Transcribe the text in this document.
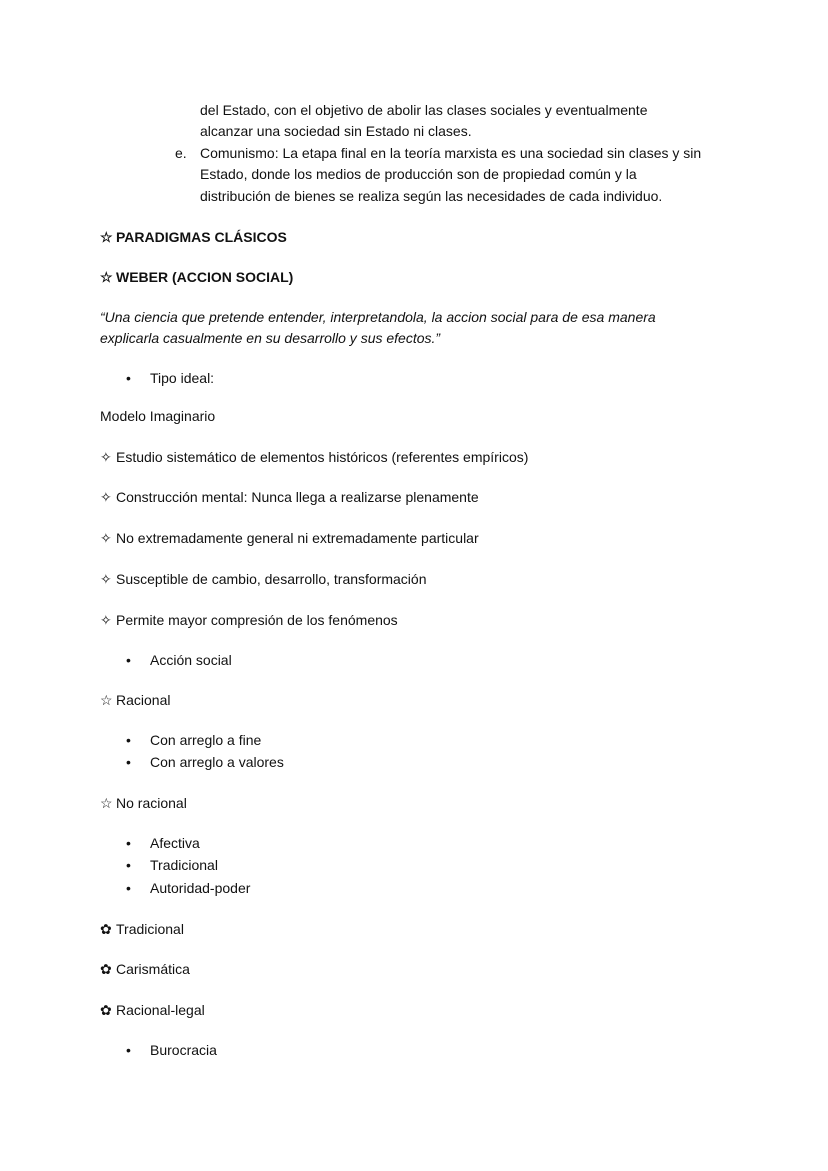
del Estado, con el objetivo de abolir las clases sociales y eventualmente
alcanzar una sociedad sin Estado ni clases.
e. Comunismo: La etapa final en la teoría marxista es una sociedad sin clases y sin
Estado, donde los medios de producción son de propiedad común y la
distribución de bienes se realiza según las necesidades de cada individuo.
☆ PARADIGMAS CLÁSICOS
☆ WEBER (ACCION SOCIAL)
“Una ciencia que pretende entender, interpretandola, la accion social para de esa manera
explicarla casualmente en su desarrollo y sus efectos.”
• Tipo ideal:
Modelo Imaginario
✧ Estudio sistemático de elementos históricos (referentes empíricos)
✧ Construcción mental: Nunca llega a realizarse plenamente
✧ No extremadamente general ni extremadamente particular
✧ Susceptible de cambio, desarrollo, transformación
✧ Permite mayor compresión de los fenómenos
• Acción social
☆ Racional
• Con arreglo a fine
• Con arreglo a valores
☆ No racional
• Afectiva
• Tradicional
• Autoridad-poder
✿ Tradicional
✿ Carismática
✿ Racional-legal
• Burocracia
